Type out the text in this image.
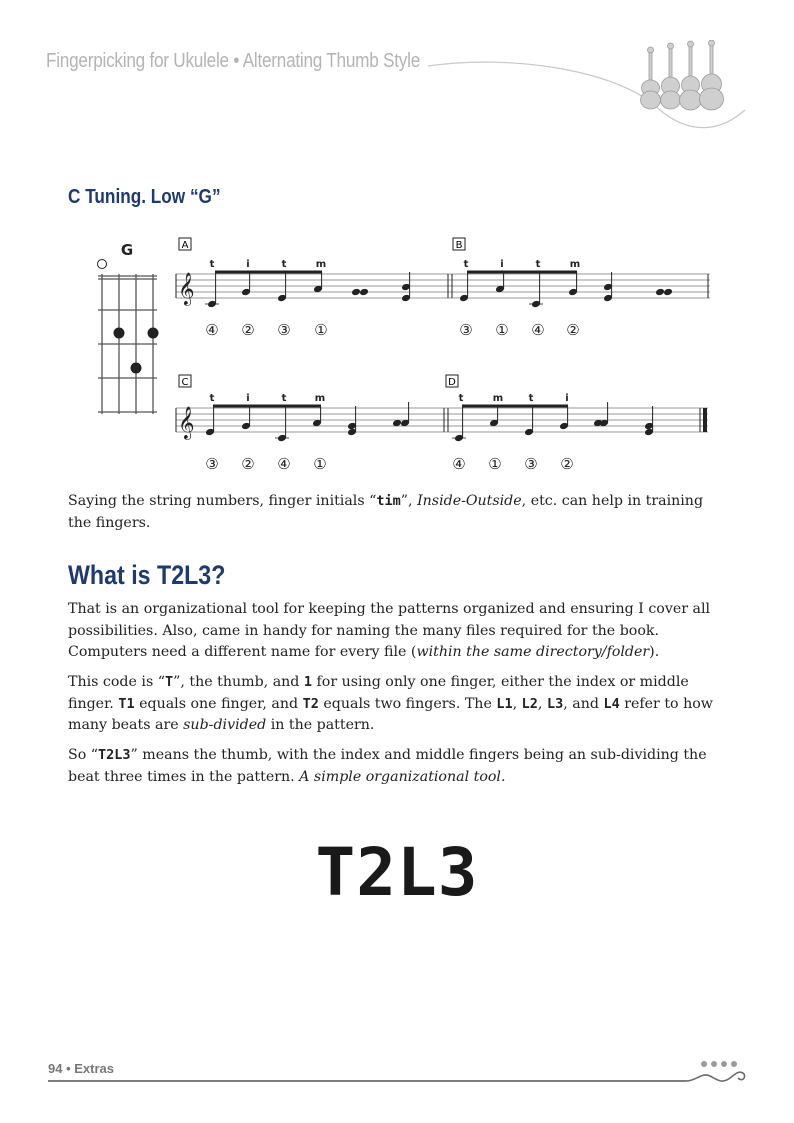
Fingerpicking for Ukulele • Alternating Thumb Style
C Tuning. Low “G”
G	A	B
𝄞
t	i	t	m	t	i	t	m
④ ② ③ ①	③ ① ④ ②
C	D
𝄞
t	i	t	m	t	m	t	i
③ ② ④ ①	④ ① ③ ②
Saying the string numbers, finger initials “tim”, Inside-Outside, etc. can help in training the fingers.
What is T2L3?
That is an organizational tool for keeping the patterns organized and ensuring I cover all possibilities. Also, came in handy for naming the many files required for the book. Computers need a different name for every file (within the same directory/folder).
This code is “T”, the thumb, and 1 for using only one finger, either the index or middle finger. T1 equals one finger, and T2 equals two fingers. The L1, L2, L3, and L4 refer to how many beats are sub-divided in the pattern.
So “T2L3” means the thumb, with the index and middle fingers being an sub-dividing the beat three times in the pattern. A simple organizational tool.
T2L3
94 • Extras
